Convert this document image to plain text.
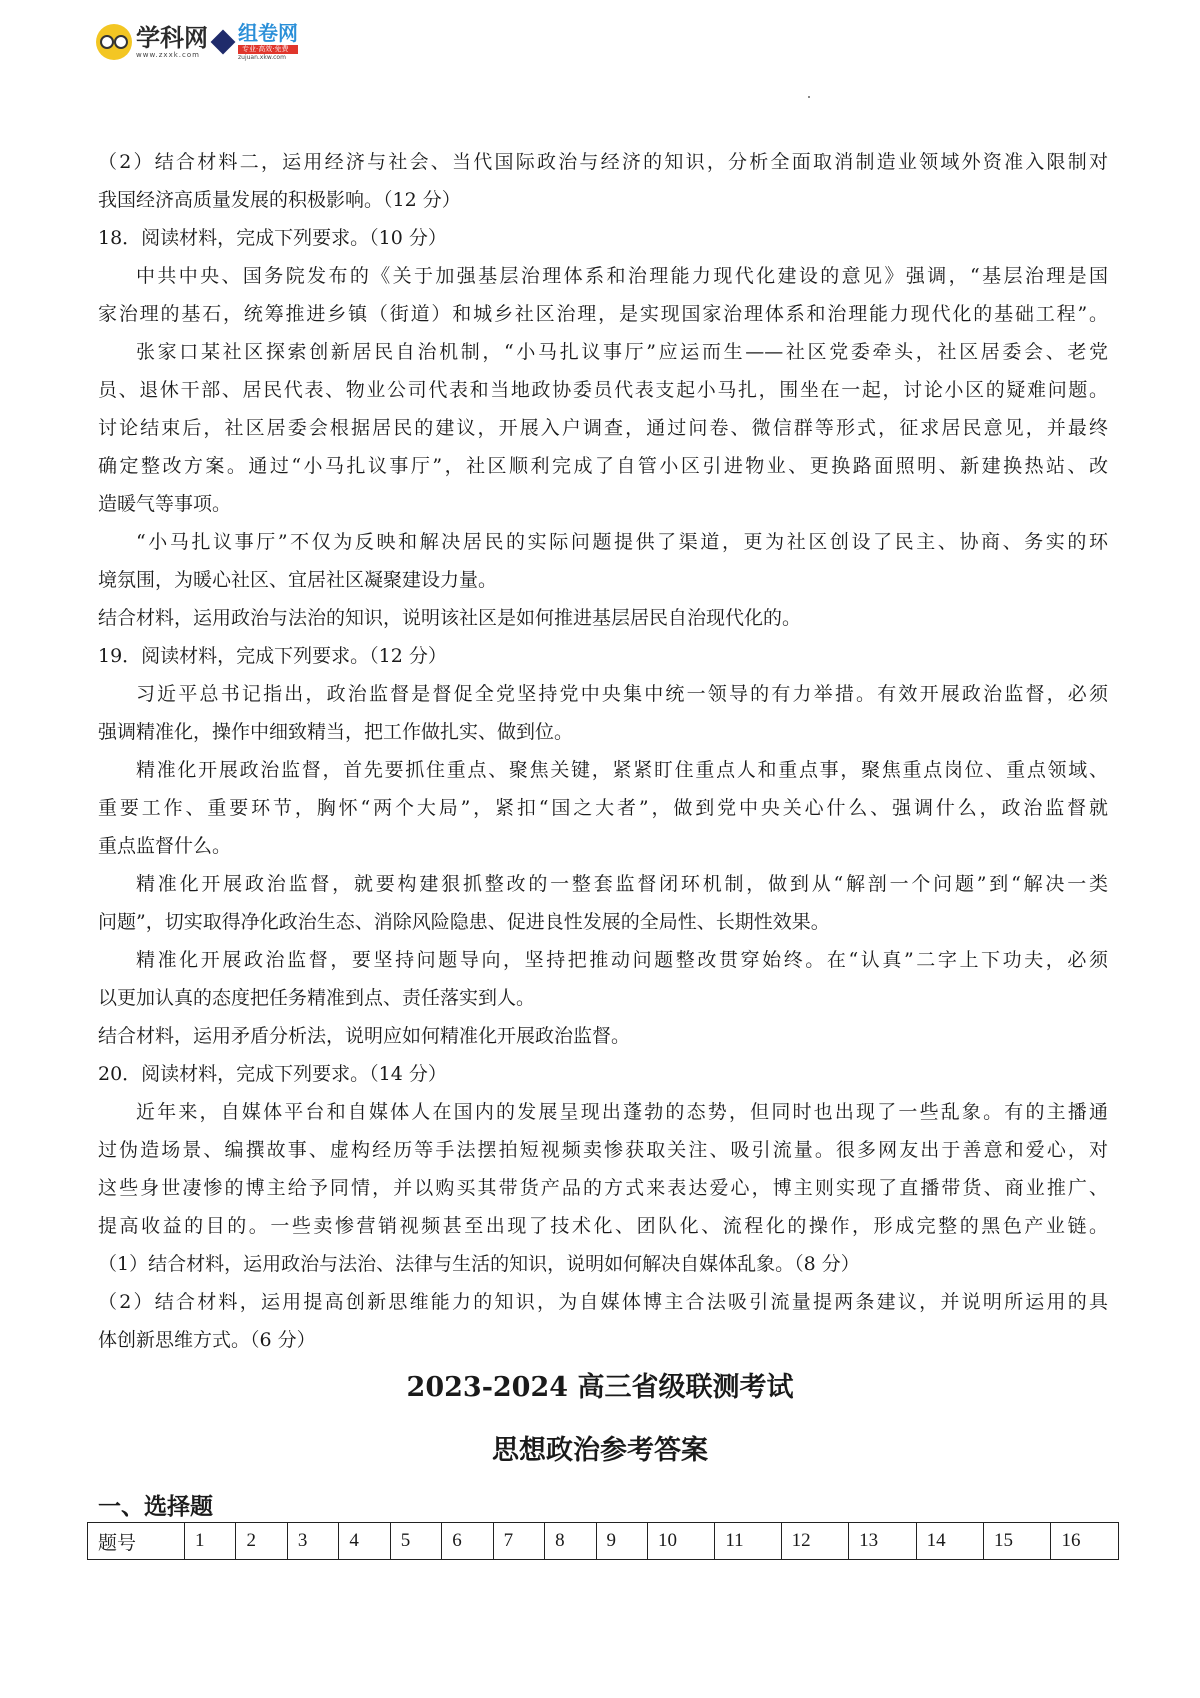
学科网
www.zxxk.com
组卷网
专业·高效·免费
zujuan.xkw.com
（2）结合材料二，运用经济与社会、当代国际政治与经济的知识，分析全面取消制造业领域外资准入限制对
我国经济高质量发展的积极影响。（12 分）
18．阅读材料，完成下列要求。（10 分）
中共中央、国务院发布的《关于加强基层治理体系和治理能力现代化建设的意见》强调，“基层治理是国
家治理的基石，统筹推进乡镇（街道）和城乡社区治理，是实现国家治理体系和治理能力现代化的基础工程”。
张家口某社区探索创新居民自治机制，“小马扎议事厅”应运而生——社区党委牵头，社区居委会、老党
员、退休干部、居民代表、物业公司代表和当地政协委员代表支起小马扎，围坐在一起，讨论小区的疑难问题。
讨论结束后，社区居委会根据居民的建议，开展入户调查，通过问卷、微信群等形式，征求居民意见，并最终
确定整改方案。通过“小马扎议事厅”，社区顺利完成了自管小区引进物业、更换路面照明、新建换热站、改
造暖气等事项。
“小马扎议事厅”不仅为反映和解决居民的实际问题提供了渠道，更为社区创设了民主、协商、务实的环
境氛围，为暖心社区、宜居社区凝聚建设力量。
结合材料，运用政治与法治的知识，说明该社区是如何推进基层居民自治现代化的。
19．阅读材料，完成下列要求。（12 分）
习近平总书记指出，政治监督是督促全党坚持党中央集中统一领导的有力举措。有效开展政治监督，必须
强调精准化，操作中细致精当，把工作做扎实、做到位。
精准化开展政治监督，首先要抓住重点、聚焦关键，紧紧盯住重点人和重点事，聚焦重点岗位、重点领域、
重要工作、重要环节，胸怀“两个大局”，紧扣“国之大者”，做到党中央关心什么、强调什么，政治监督就
重点监督什么。
精准化开展政治监督，就要构建狠抓整改的一整套监督闭环机制，做到从“解剖一个问题”到“解决一类
问题”，切实取得净化政治生态、消除风险隐患、促进良性发展的全局性、长期性效果。
精准化开展政治监督，要坚持问题导向，坚持把推动问题整改贯穿始终。在“认真”二字上下功夫，必须
以更加认真的态度把任务精准到点、责任落实到人。
结合材料，运用矛盾分析法，说明应如何精准化开展政治监督。
20．阅读材料，完成下列要求。（14 分）
近年来，自媒体平台和自媒体人在国内的发展呈现出蓬勃的态势，但同时也出现了一些乱象。有的主播通
过伪造场景、编撰故事、虚构经历等手法摆拍短视频卖惨获取关注、吸引流量。很多网友出于善意和爱心，对
这些身世凄惨的博主给予同情，并以购买其带货产品的方式来表达爱心，博主则实现了直播带货、商业推广、
提高收益的目的。一些卖惨营销视频甚至出现了技术化、团队化、流程化的操作，形成完整的黑色产业链。
（1）结合材料，运用政治与法治、法律与生活的知识，说明如何解决自媒体乱象。（8 分）
（2）结合材料，运用提高创新思维能力的知识，为自媒体博主合法吸引流量提两条建议，并说明所运用的具
体创新思维方式。（6 分）
2023-2024 高三省级联测考试
思想政治参考答案
一、选择题
题号	1	2	3	4	5	6	7	8	9	10	11	12	13	14	15	16
